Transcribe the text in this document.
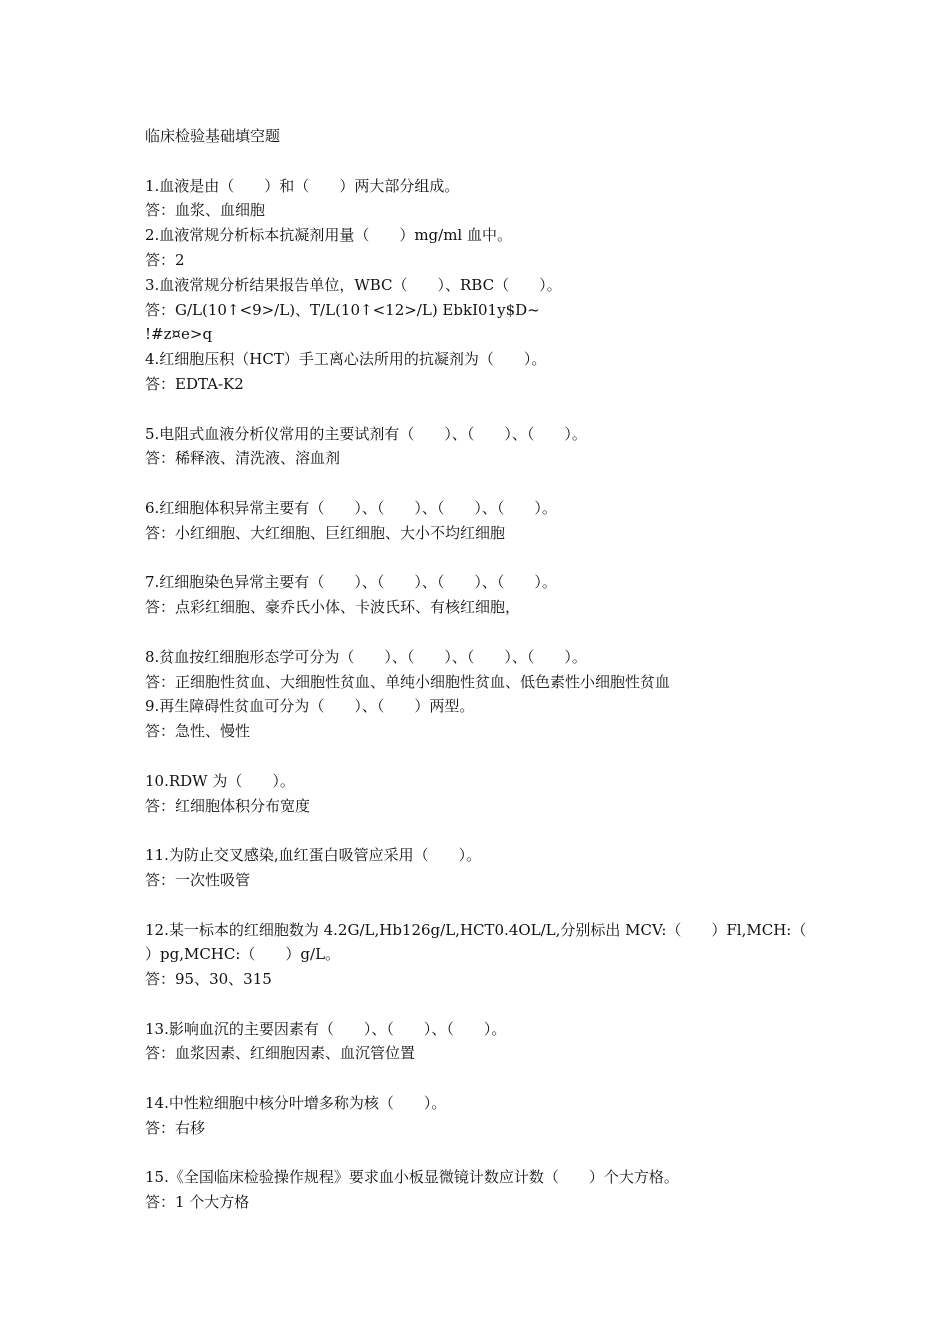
临床检验基础填空题
1.血液是由（　　）和（　　）两大部分组成。
答：血浆、血细胞
2.血液常规分析标本抗凝剂用量（　　）mg/ml 血中。
答：2
3.血液常规分析结果报告单位，WBC（　　）、RBC（　　）。
答：G/L(10↑<9>/L)、T/L(10↑<12>/L) EbkI01y$D~
!#z¤e>q
4.红细胞压积（HCT）手工离心法所用的抗凝剂为（　　）。
答：EDTA-K2
5.电阻式血液分析仪常用的主要试剂有（　　）、（　　）、（　　）。
答：稀释液、清洗液、溶血剂
6.红细胞体积异常主要有（　　）、（　　）、（　　）、（　　）。
答：小红细胞、大红细胞、巨红细胞、大小不均红细胞
7.红细胞染色异常主要有（　　）、（　　）、（　　）、（　　）。
答：点彩红细胞、豪乔氏小体、卡波氏环、有核红细胞，
8.贫血按红细胞形态学可分为（　　）、（　　）、（　　）、（　　）。
答：正细胞性贫血、大细胞性贫血、单纯小细胞性贫血、低色素性小细胞性贫血
9.再生障碍性贫血可分为（　　）、（　　）两型。
答：急性、慢性
10.RDW 为（　　）。
答：红细胞体积分布宽度
11.为防止交叉感染,血红蛋白吸管应采用（　　）。
答：一次性吸管
12.某一标本的红细胞数为 4.2G/L,Hb126g/L,HCT0.4OL/L,分别标出 MCV:（　　）Fl,MCH:（
）pg,MCHC:（　　）g/L。
答：95、30、315
13.影响血沉的主要因素有（　　）、（　　）、（　　）。
答：血浆因素、红细胞因素、血沉管位置
14.中性粒细胞中核分叶增多称为核（　　）。
答：右移
15.《全国临床检验操作规程》要求血小板显微镜计数应计数（　　）个大方格。
答：1 个大方格
